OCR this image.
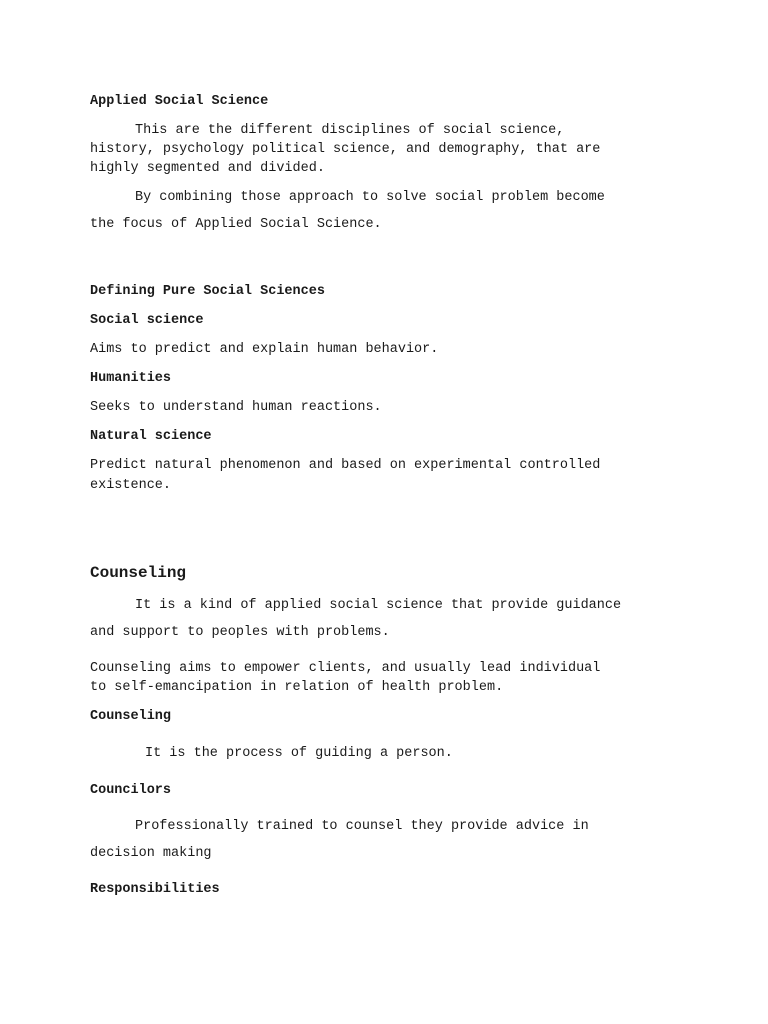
Applied Social Science

This are the different disciplines of social science,

history, psychology political science, and demography, that are

highly segmented and divided.

By combining those approach to solve social problem become

the focus of Applied Social Science.

Defining Pure Social Sciences

Social science

Aims to predict and explain human behavior.

Humanities

Seeks to understand human reactions.

Natural science

Predict natural phenomenon and based on experimental controlled

existence.

Counseling

It is a kind of applied social science that provide guidance

and support to peoples with problems.

Counseling aims to empower clients, and usually lead individual

to self-emancipation in relation of health problem.

Counseling

It is the process of guiding a person.

Councilors

Professionally trained to counsel they provide advice in

decision making

Responsibilities
